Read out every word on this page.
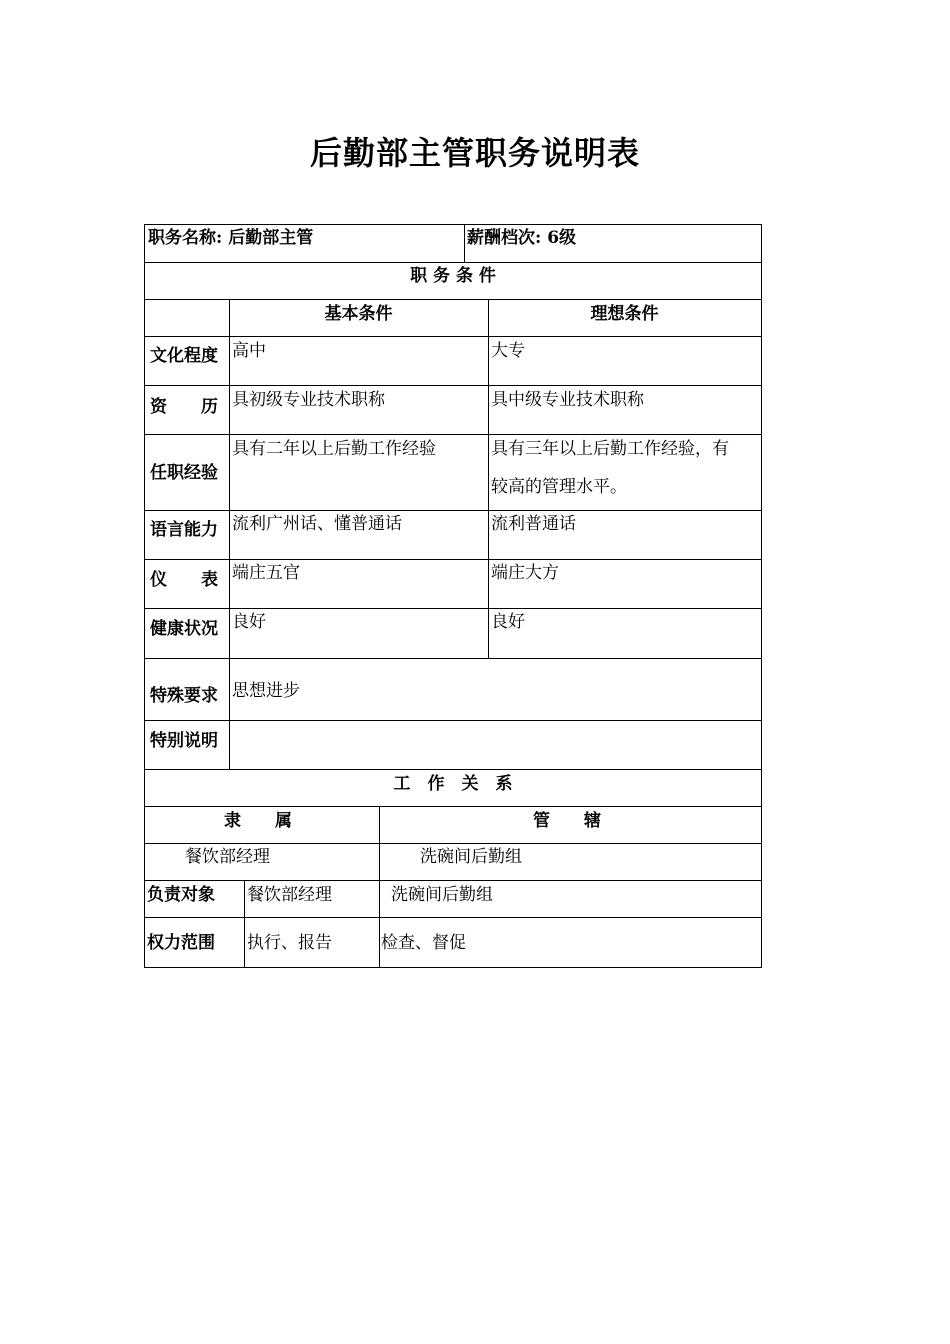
后勤部主管职务说明表
职务名称: 后勤部主管	薪酬档次: 6级
职 务 条 件
基本条件	理想条件
文化程度 高中	大专
资　　历 具初级专业技术职称	具中级专业技术职称
任职经验
具有二年以上后勤工作经验	具有三年以上后勤工作经验，有
较高的管理水平。
语言能力 流利广州话、懂普通话	流利普通话
仪　　表 端庄五官	端庄大方
健康状况 良好	良好
特殊要求 思想进步
特别说明
工　作　关　系
隶　　属	管　　辖
餐饮部经理	洗碗间后勤组
负责对象 餐饮部经理	洗碗间后勤组
权力范围 执行、报告	检查、督促
